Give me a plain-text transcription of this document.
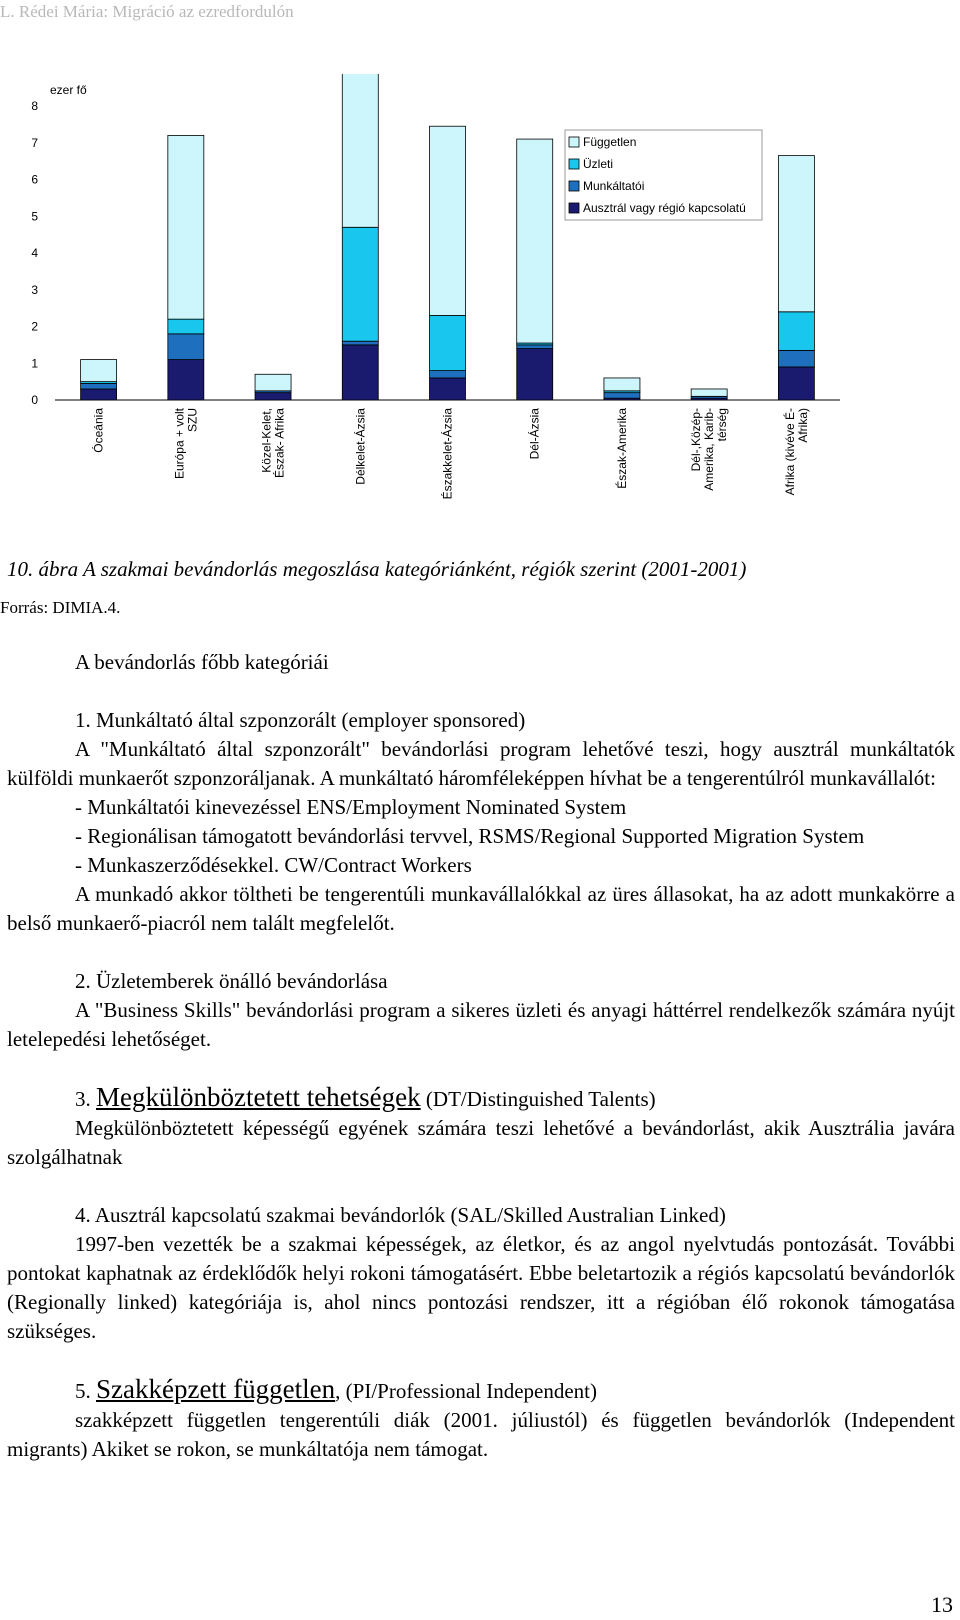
L. Rédei Mária: Migráció az ezredfordulón
ezer fő
0
1
2
3
4
5
6
7
8
Óceánia	Európa + volt SZU	Közel-Kelet, Észak- Afrika	Délkelet-Ázsia	Északkelet-Ázsia	Dél-Ázsia	Észak-Amerika	Dél-,Közép- Amerika, Karib- térség	Afrika (kivéve É- Afrika)
Független
Üzleti
Munkáltatói
Ausztrál vagy régió kapcsolatú
10. ábra A szakmai bevándorlás megoszlása kategóriánként, régiók szerint (2001-2001)
Forrás: DIMIA.4.

A bevándorlás főbb kategóriái

1. Munkáltató által szponzorált (employer sponsored)

A "Munkáltató által szponzorált" bevándorlási program lehetővé teszi, hogy ausztrál munkáltatók külföldi munkaerőt szponzoráljanak. A munkáltató háromféleképpen hívhat be a tengerentúlról munkavállalót:

- Munkáltatói kinevezéssel ENS/Employment Nominated System

- Regionálisan támogatott bevándorlási tervvel, RSMS/Regional Supported Migration System

- Munkaszerződésekkel. CW/Contract Workers

A munkadó akkor töltheti be tengerentúli munkavállalókkal az üres állasokat, ha az adott munkakörre a belső munkaerő-piacról nem talált megfelelőt.

2. Üzletemberek önálló bevándorlása

A "Business Skills" bevándorlási program a sikeres üzleti és anyagi háttérrel rendelkezők számára nyújt letelepedési lehetőséget.

3. Megkülönböztetett tehetségek (DT/Distinguished Talents)

Megkülönböztetett képességű egyének számára teszi lehetővé a bevándorlást, akik Ausztrália javára szolgálhatnak

4. Ausztrál kapcsolatú szakmai bevándorlók (SAL/Skilled Australian Linked)

1997-ben vezették be a szakmai képességek, az életkor, és az angol nyelvtudás pontozását. További pontokat kaphatnak az érdeklődők helyi rokoni támogatásért. Ebbe beletartozik a régiós kapcsolatú bevándorlók (Regionally linked) kategóriája is, ahol nincs pontozási rendszer, itt a régióban élő rokonok támogatása szükséges.

5. Szakképzett független, (PI/Professional Independent)

szakképzett független tengerentúli diák (2001. júliustól) és független bevándorlók (Independent migrants) Akiket se rokon, se munkáltatója nem támogat.

13
